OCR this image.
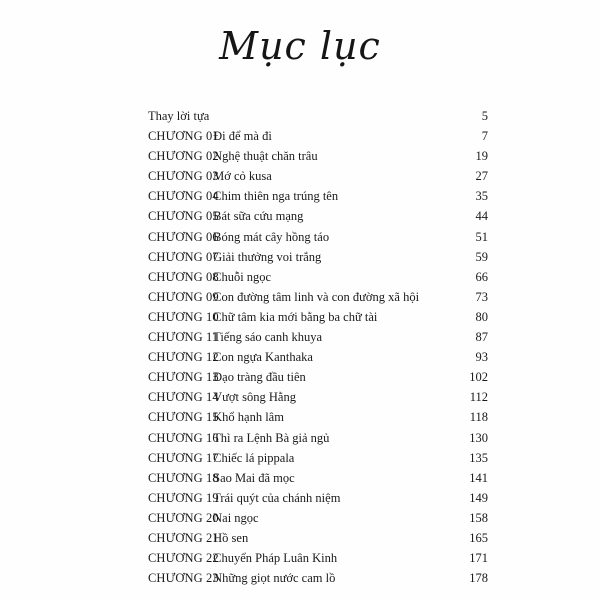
Mục lục
Thay lời tựa	5
CHƯƠNG 01 Đi để mà đi	7
CHƯƠNG 02 Nghệ thuật chăn trâu	19
CHƯƠNG 03 Mớ cỏ kusa	27
CHƯƠNG 04 Chim thiên nga trúng tên	35
CHƯƠNG 05 Bát sữa cứu mạng	44
CHƯƠNG 06 Bóng mát cây hồng táo	51
CHƯƠNG 07 Giải thưởng voi trắng	59
CHƯƠNG 08 Chuỗi ngọc	66
CHƯƠNG 09 Con đường tâm linh và con đường xã hội	73
CHƯƠNG 10 Chữ tâm kia mới bằng ba chữ tài	80
CHƯƠNG 11 Tiếng sáo canh khuya	87
CHƯƠNG 12 Con ngựa Kanthaka	93
CHƯƠNG 13 Đạo tràng đầu tiên	102
CHƯƠNG 14 Vượt sông Hằng	112
CHƯƠNG 15 Khổ hạnh lâm	118
CHƯƠNG 16 Thì ra Lệnh Bà giả ngủ	130
CHƯƠNG 17 Chiếc lá pippala	135
CHƯƠNG 18 Sao Mai đã mọc	141
CHƯƠNG 19 Trái quýt của chánh niệm	149
CHƯƠNG 20 Nai ngọc	158
CHƯƠNG 21 Hồ sen	165
CHƯƠNG 22 Chuyển Pháp Luân Kinh	171
CHƯƠNG 23 Những giọt nước cam lồ	178
